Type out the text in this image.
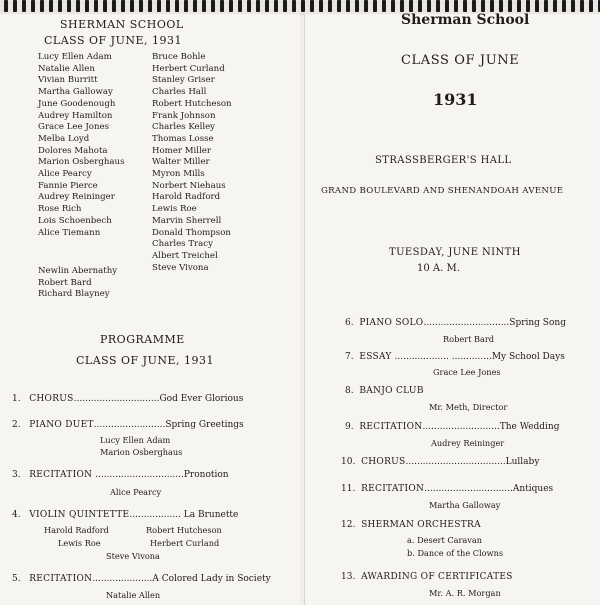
SHERMAN SCHOOL
CLASS OF JUNE, 1931
Lucy Ellen Adam
Natalie Allen
Vivian Burritt
Martha Galloway
June Goodenough
Audrey Hamilton
Grace Lee Jones
Melba Loyd
Dolores Mahota
Marion Osberghaus
Alice Pearcy
Fannie Pierce
Audrey Reininger
Rose Rich
Lois Schoenbech
Alice Tiemann
Newlin Abernathy
Robert Bard
Richard Blayney
Bruce Bohle
Herbert Curland
Stanley Griser
Charles Hall
Robert Hutcheson
Frank Johnson
Charles Kelley
Thomas Losse
Homer Miller
Walter Miller
Myron Mills
Norbert Niehaus
Harold Radford
Lewis Roe
Marvin Sherrell
Donald Thompson
Charles Tracy
Albert Treichel
Steve Vivona
PROGRAMME
CLASS OF JUNE, 1931
1. CHORUS..............................God Ever Glorious
2. PIANO DUET.........................Spring Greetings
Lucy Ellen Adam
Marion Osberghaus
3. RECITATION ...............................Pronotion
Alice Pearcy
4. VIOLIN QUINTETTE.................. La Brunette
Harold Radford	Robert Hutcheson
Lewis Roe	Herbert Curland
Steve Vivona
5. RECITATION.....................A Colored Lady in Society
Natalie Allen
Sherman School
CLASS OF JUNE
1931
STRASSBERGER'S HALL
GRAND BOULEVARD AND SHENANDOAH AVENUE
TUESDAY, JUNE NINTH
10 A. M.
6. PIANO SOLO..............................Spring Song
Robert Bard
7. ESSAY ................... ..............My School Days
Grace Lee Jones
8. BANJO CLUB
Mr. Meth, Director
9. RECITATION...........................The Wedding
Audrey Reininger
10. CHORUS...................................Lullaby
11. RECITATION...............................Antiques
Martha Galloway
12. SHERMAN ORCHESTRA
a. Desert Caravan
b. Dance of the Clowns
13. AWARDING OF CERTIFICATES
Mr. A. R. Morgan
